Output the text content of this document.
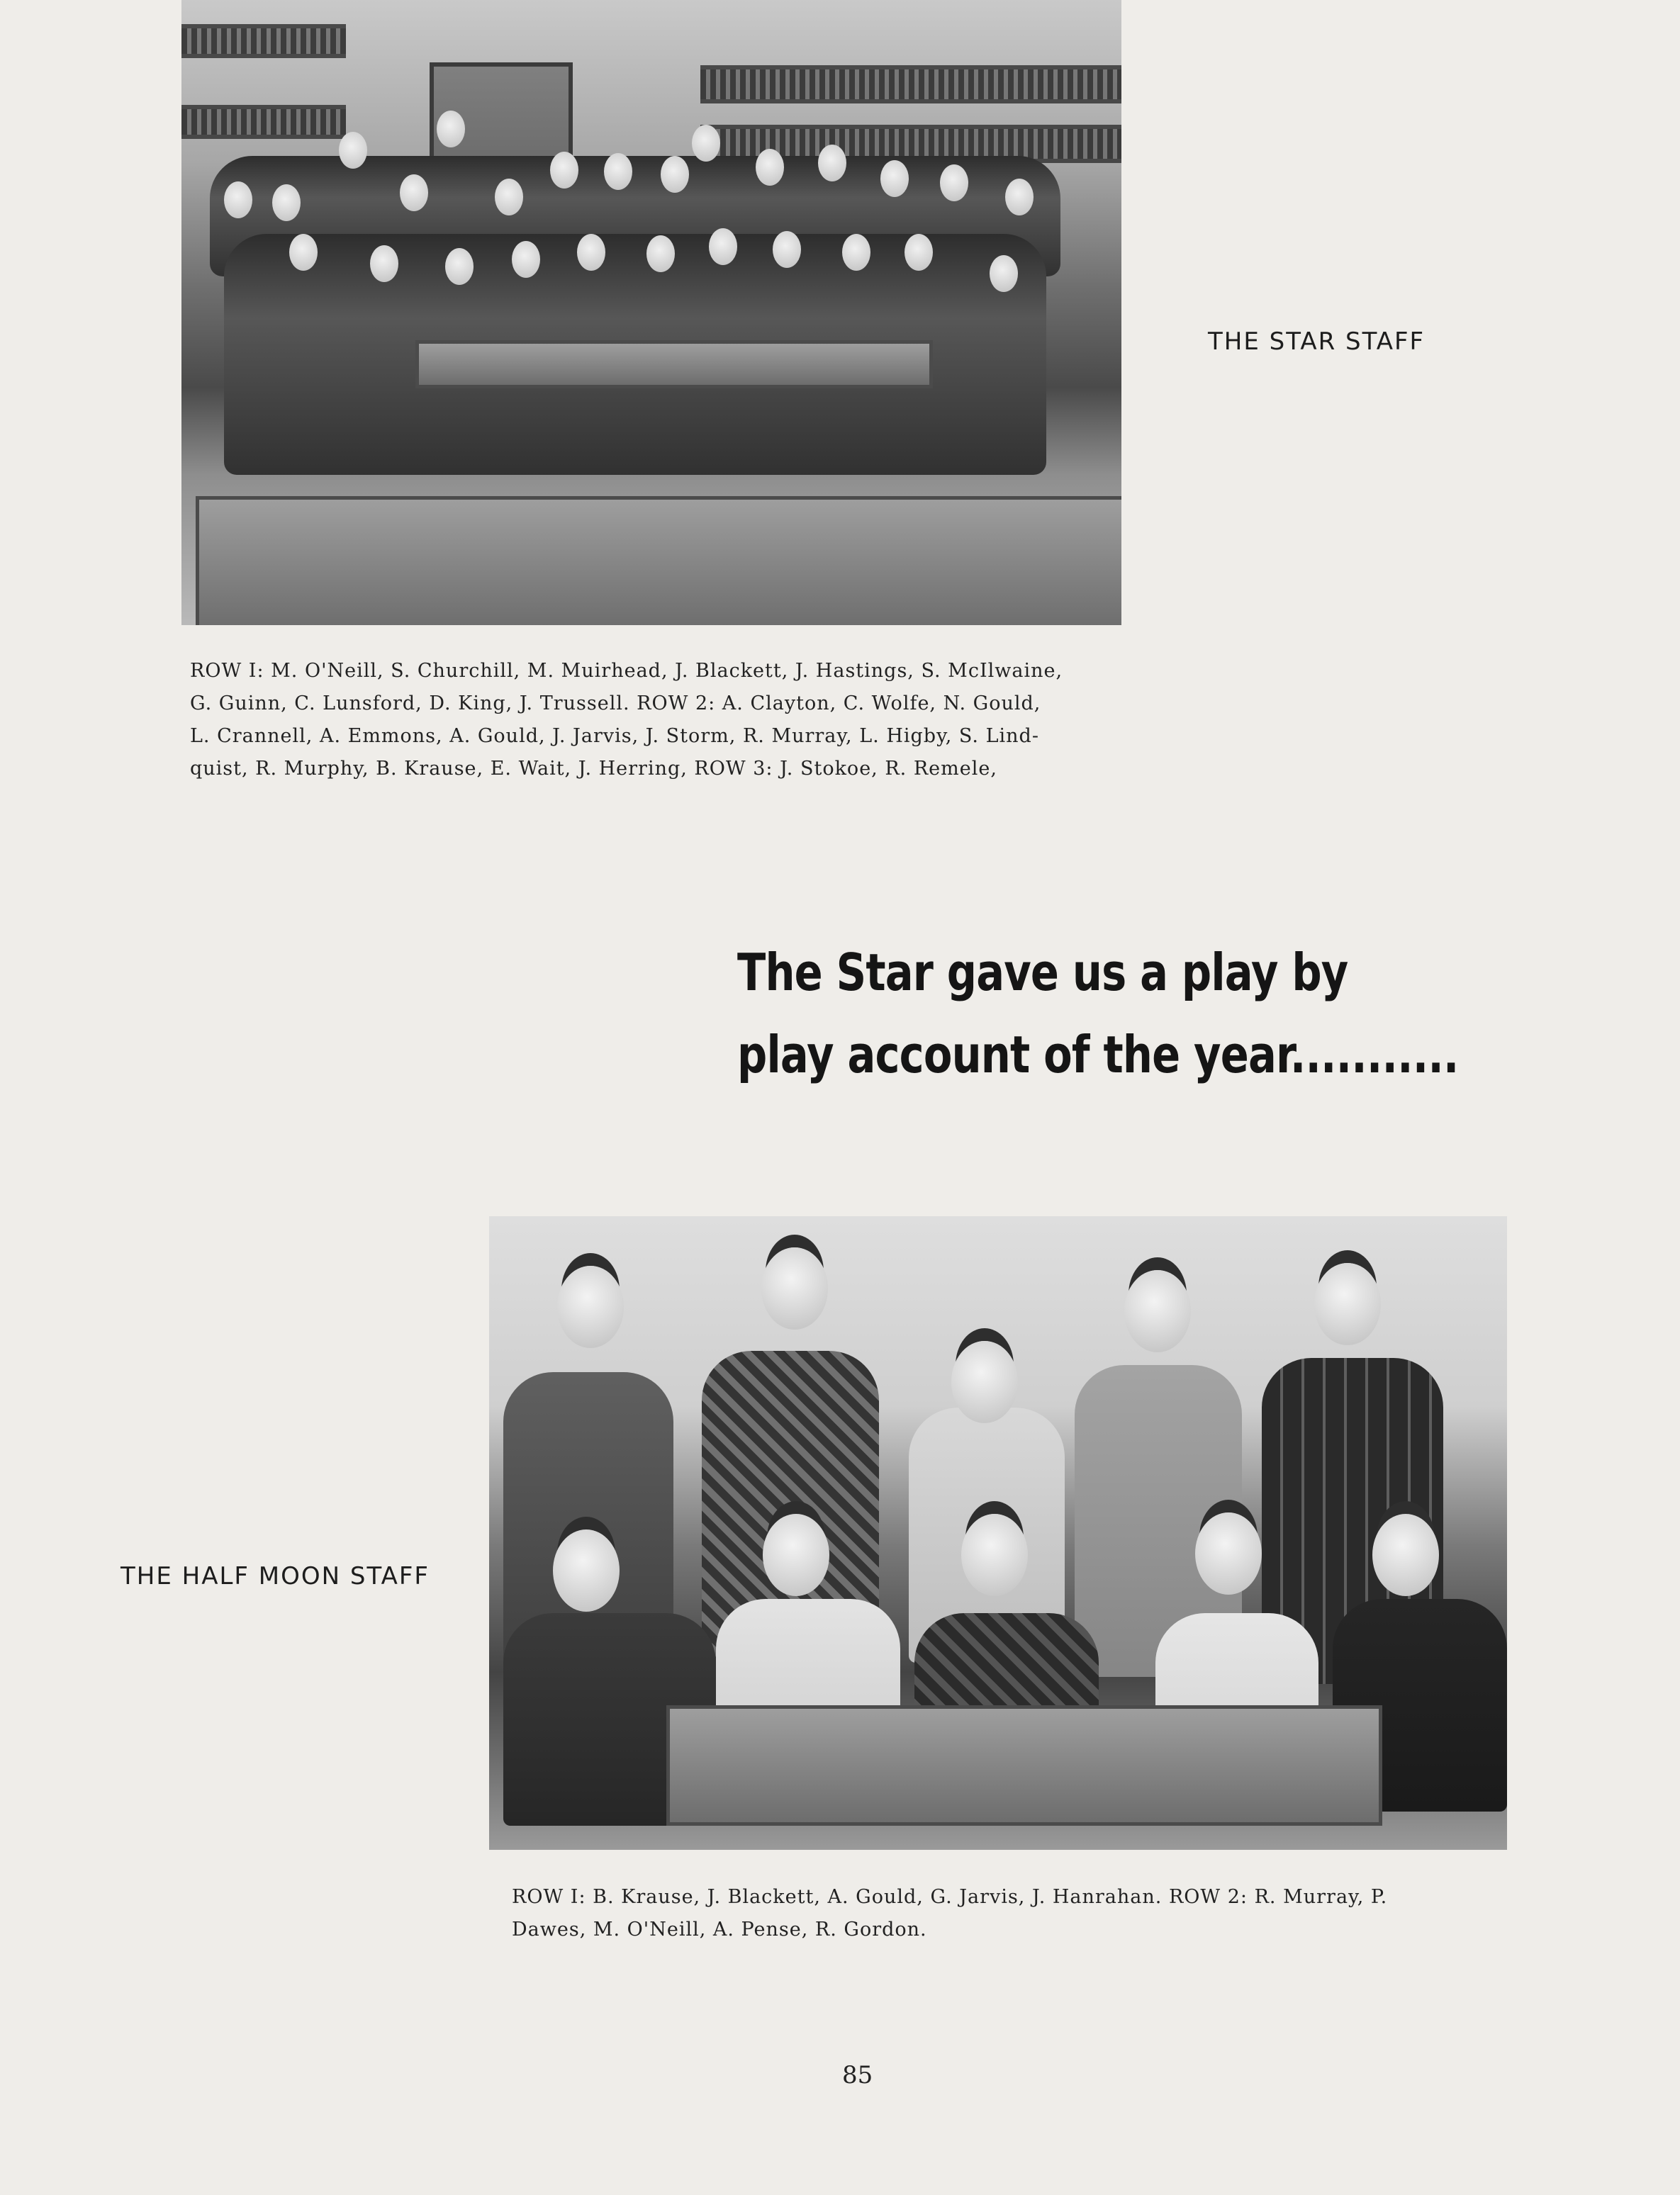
ROW I: M. O'Neill, S. Churchill, M. Muirhead, J. Blackett, J. Hastings, S. McIlwaine,
G. Guinn, C. Lunsford, D. King, J. Trussell. ROW 2: A. Clayton, C. Wolfe, N. Gould,
L. Crannell, A. Emmons, A. Gould, J. Jarvis, J. Storm, R. Murray, L. Higby, S. Lind-
quist, R. Murphy, B. Krause, E. Wait, J. Herring, ROW 3: J. Stokoe, R. Remele,

THE STAR STAFF

The Star gave us a play by
play account of the year...........

THE HALF MOON STAFF

ROW I: B. Krause, J. Blackett, A. Gould, G. Jarvis, J. Hanrahan. ROW 2: R. Murray, P.
Dawes, M. O'Neill, A. Pense, R. Gordon.
85
